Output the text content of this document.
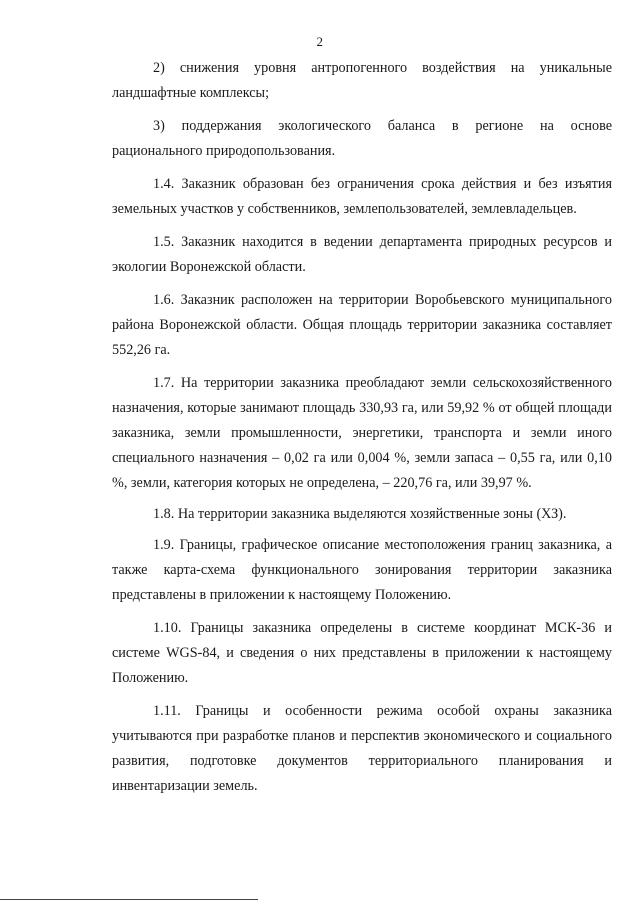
2

2) снижения уровня антропогенного воздействия на уникальные ландшафтные комплексы;

3) поддержания экологического баланса в регионе на основе рационального природопользования.

1.4. Заказник образован без ограничения срока действия и без изъятия земельных участков у собственников, землепользователей, землевладельцев.

1.5. Заказник находится в ведении департамента природных ресурсов и экологии Воронежской области.

1.6. Заказник расположен на территории Воробьевского муниципального района Воронежской области. Общая площадь территории заказника составляет 552,26 га.

1.7. На территории заказника преобладают земли сельскохозяйственного назначения, которые занимают площадь 330,93 га, или 59,92 % от общей площади заказника, земли промышленности, энергетики, транспорта и земли иного специального назначения – 0,02 га или 0,004 %, земли запаса – 0,55 га, или 0,10 %, земли, категория которых не определена, – 220,76 га, или 39,97 %.

1.8. На территории заказника выделяются хозяйственные зоны (ХЗ).

1.9. Границы, графическое описание местоположения границ заказника, а также карта-схема функционального зонирования территории заказника представлены в приложении к настоящему Положению.

1.10. Границы заказника определены в системе координат МСК-36 и системе WGS-84, и сведения о них представлены в приложении к настоящему Положению.

1.11. Границы и особенности режима особой охраны заказника учитываются при разработке планов и перспектив экономического и социального развития, подготовке документов территориального планирования и инвентаризации земель.
